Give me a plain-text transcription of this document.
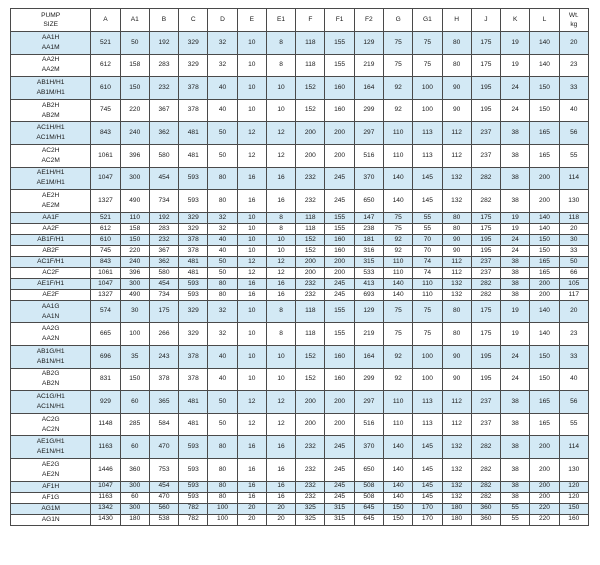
PUMP
SIZE	A	A1	B	C	D	E	E1	F	F1	F2	G	G1	H	J	K	L	Wt.
kg

AA1H
AA1M	521	50	192	329	32	10	8	118	155	129	75	75	80	175	19	140	20

AA2H
AA2M	612	158	283	329	32	10	8	118	155	219	75	75	80	175	19	140	23

AB1H/H1
AB1M/H1	610	150	232	378	40	10	10	152	160	164	92	100	90	195	24	150	33

AB2H
AB2M	745	220	367	378	40	10	10	152	160	299	92	100	90	195	24	150	40

AC1H/H1
AC1M/H1	843	240	362	481	50	12	12	200	200	297	110	113	112	237	38	165	56

AC2H
AC2M	1061	396	580	481	50	12	12	200	200	516	110	113	112	237	38	165	55

AE1H/H1
AE1M/H1	1047	300	454	593	80	16	16	232	245	370	140	145	132	282	38	200	114

AE2H
AE2M	1327	490	734	593	80	16	16	232	245	650	140	145	132	282	38	200	130

AA1F	521	110	192	329	32	10	8	118	155	147	75	55	80	175	19	140	118

AA2F	612	158	283	329	32	10	8	118	155	238	75	55	80	175	19	140	20

AB1F/H1	610	150	232	378	40	10	10	152	160	181	92	70	90	195	24	150	30

AB2F	745	220	367	378	40	10	10	152	160	316	92	70	90	195	24	150	33

AC1F/H1	843	240	362	481	50	12	12	200	200	315	110	74	112	237	38	165	50

AC2F	1061	396	580	481	50	12	12	200	200	533	110	74	112	237	38	165	66

AE1F/H1	1047	300	454	593	80	16	16	232	245	413	140	110	132	282	38	200	105

AE2F	1327	490	734	593	80	16	16	232	245	693	140	110	132	282	38	200	117

AA1G
AA1N	574	30	175	329	32	10	8	118	155	129	75	75	80	175	19	140	20

AA2G
AA2N	665	100	266	329	32	10	8	118	155	219	75	75	80	175	19	140	23

AB1G/H1
AB1N/H1	696	35	243	378	40	10	10	152	160	164	92	100	90	195	24	150	33

AB2G
AB2N	831	150	378	378	40	10	10	152	160	299	92	100	90	195	24	150	40

AC1G/H1
AC1N/H1	929	60	365	481	50	12	12	200	200	297	110	113	112	237	38	165	56

AC2G
AC2N	1148	285	584	481	50	12	12	200	200	516	110	113	112	237	38	165	55

AE1G/H1
AE1N/H1	1163	60	470	593	80	16	16	232	245	370	140	145	132	282	38	200	114

AE2G
AE2N	1446	360	753	593	80	16	16	232	245	650	140	145	132	282	38	200	130

AF1H	1047	300	454	593	80	16	16	232	245	508	140	145	132	282	38	200	120

AF1G	1163	60	470	593	80	16	16	232	245	508	140	145	132	282	38	200	120

AG1M	1342	300	560	782	100	20	20	325	315	645	150	170	180	360	55	220	150

AG1N	1430	180	538	782	100	20	20	325	315	645	150	170	180	360	55	220	160
